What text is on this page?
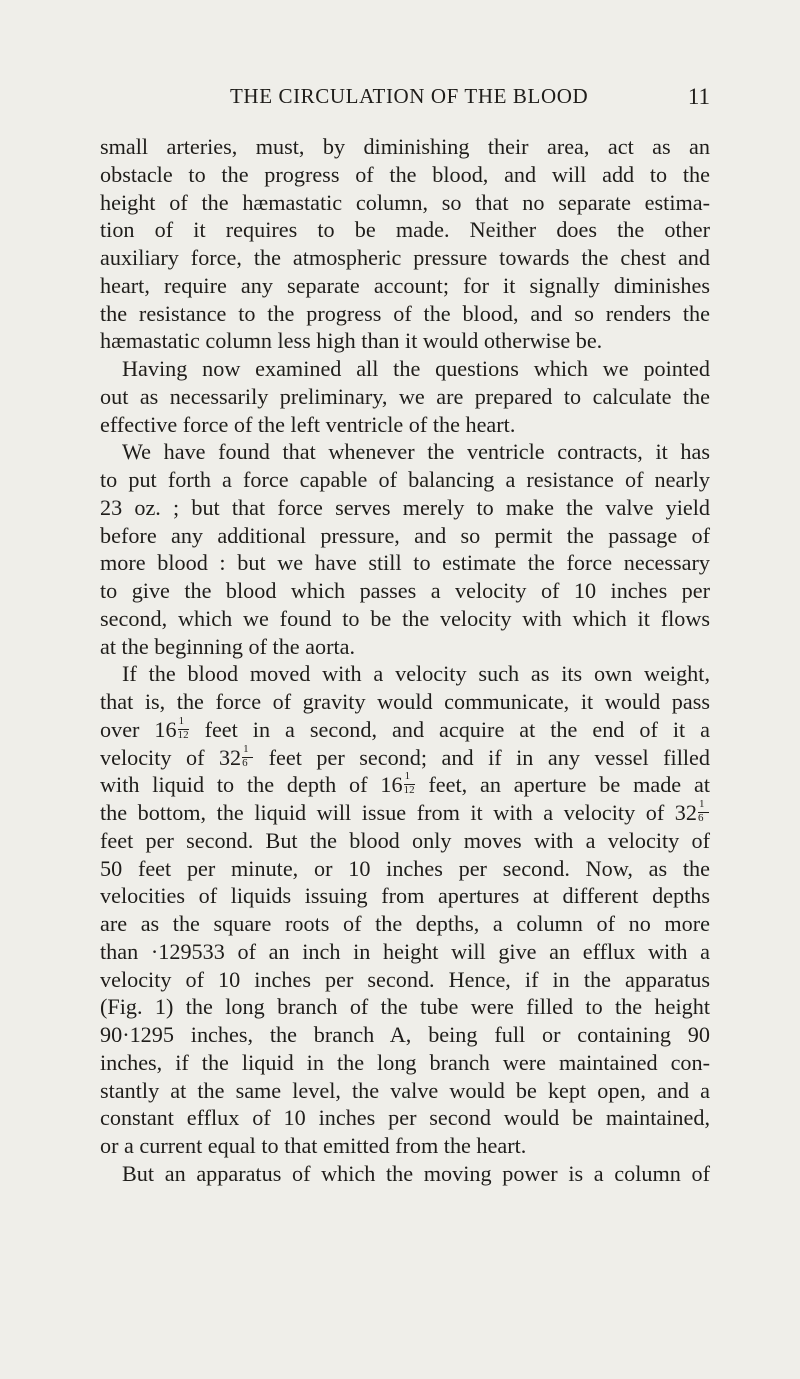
THE CIRCULATION OF THE BLOOD	11
small arteries, must, by diminishing their area, act as an
obstacle to the progress of the blood, and will add to the
height of the hæmastatic column, so that no separate estima-
tion of it requires to be made. Neither does the other
auxiliary force, the atmospheric pressure towards the chest and
heart, require any separate account; for it signally diminishes
the resistance to the progress of the blood, and so renders the
hæmastatic column less high than it would otherwise be.
Having now examined all the questions which we pointed
out as necessarily preliminary, we are prepared to calculate the
effective force of the left ventricle of the heart.
We have found that whenever the ventricle contracts, it has
to put forth a force capable of balancing a resistance of nearly
23 oz. ; but that force serves merely to make the valve yield
before any additional pressure, and so permit the passage of
more blood : but we have still to estimate the force necessary
to give the blood which passes a velocity of 10 inches per
second, which we found to be the velocity with which it flows
at the beginning of the aorta.
If the blood moved with a velocity such as its own weight,
that is, the force of gravity would communicate, it would pass
over $16 \frac{1}{12}$ feet in a second, and acquire at the end of it a
velocity of $32 \frac{1}{6}$ feet per second; and if in any vessel filled
with liquid to the depth of $16 \frac{1}{12}$ feet, an aperture be made at
the bottom, the liquid will issue from it with a velocity of $32 \frac{1}{6}$
feet per second. But the blood only moves with a velocity of
50 feet per minute, or 10 inches per second. Now, as the
velocities of liquids issuing from apertures at different depths
are as the square roots of the depths, a column of no more
than ·129533 of an inch in height will give an efflux with a
velocity of 10 inches per second. Hence, if in the apparatus
(Fig. 1) the long branch of the tube were filled to the height
90·1295 inches, the branch A, being full or containing 90
inches, if the liquid in the long branch were maintained con-
stantly at the same level, the valve would be kept open, and a
constant efflux of 10 inches per second would be maintained,
or a current equal to that emitted from the heart.
But an apparatus of which the moving power is a column of
